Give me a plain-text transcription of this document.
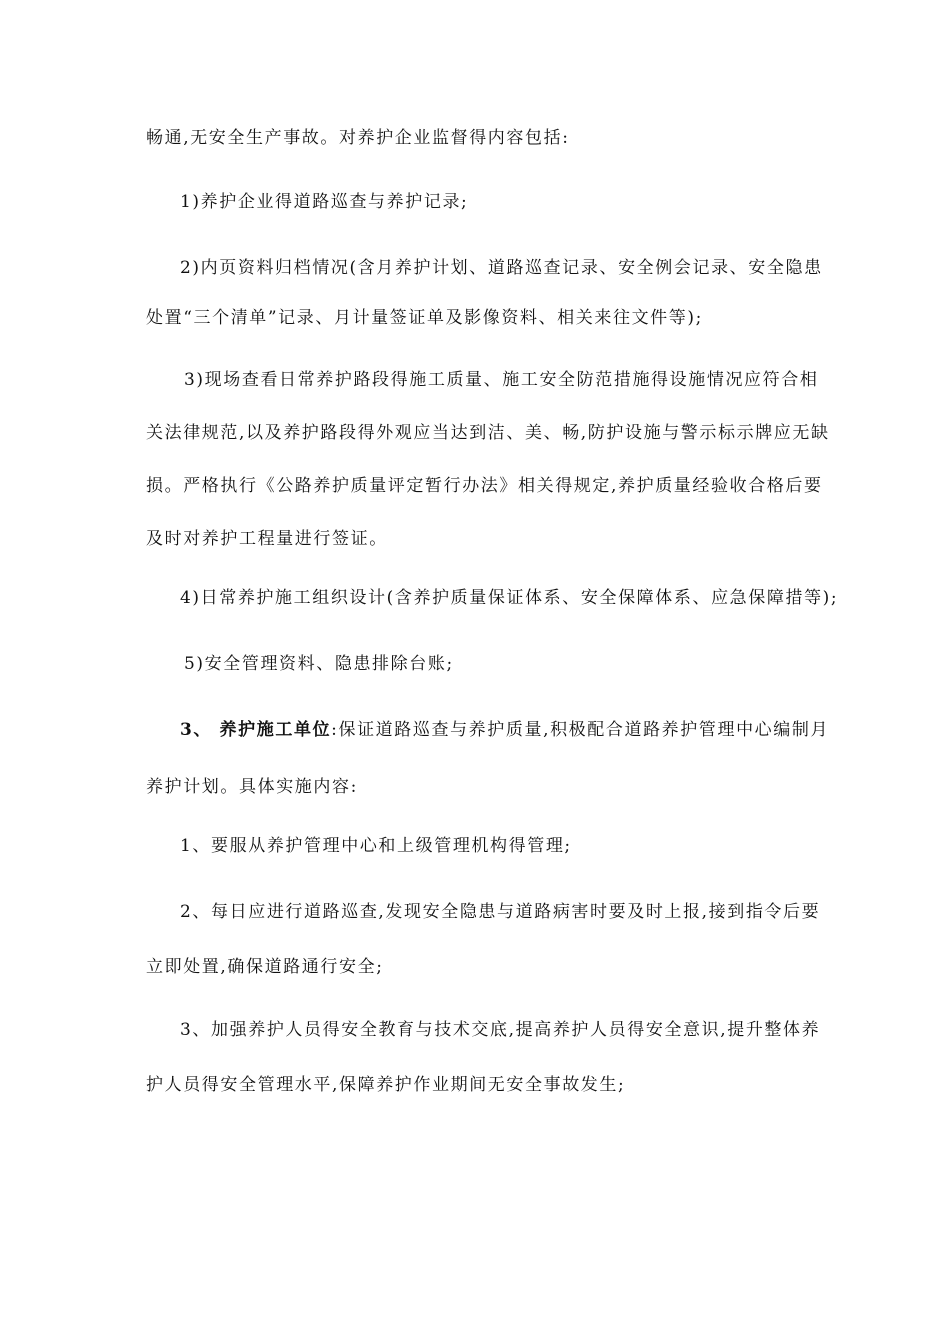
畅通,无安全生产事故。对养护企业监督得内容包括:
1)养护企业得道路巡查与养护记录;
2)内页资料归档情况(含月养护计划、道路巡查记录、安全例会记录、安全隐患
处置“三个清单”记录、月计量签证单及影像资料、相关来往文件等);
3)现场查看日常养护路段得施工质量、施工安全防范措施得设施情况应符合相
关法律规范,以及养护路段得外观应当达到洁、美、畅,防护设施与警示标示牌应无缺
损。严格执行《公路养护质量评定暂行办法》相关得规定,养护质量经验收合格后要
及时对养护工程量进行签证。
4)日常养护施工组织设计(含养护质量保证体系、安全保障体系、应急保障措等);
5)安全管理资料、隐患排除台账;
3、 养护施工单位:保证道路巡查与养护质量,积极配合道路养护管理中心编制月
养护计划。具体实施内容:
1、要服从养护管理中心和上级管理机构得管理;
2、每日应进行道路巡查,发现安全隐患与道路病害时要及时上报,接到指令后要
立即处置,确保道路通行安全;
3、加强养护人员得安全教育与技术交底,提高养护人员得安全意识,提升整体养
护人员得安全管理水平,保障养护作业期间无安全事故发生;
